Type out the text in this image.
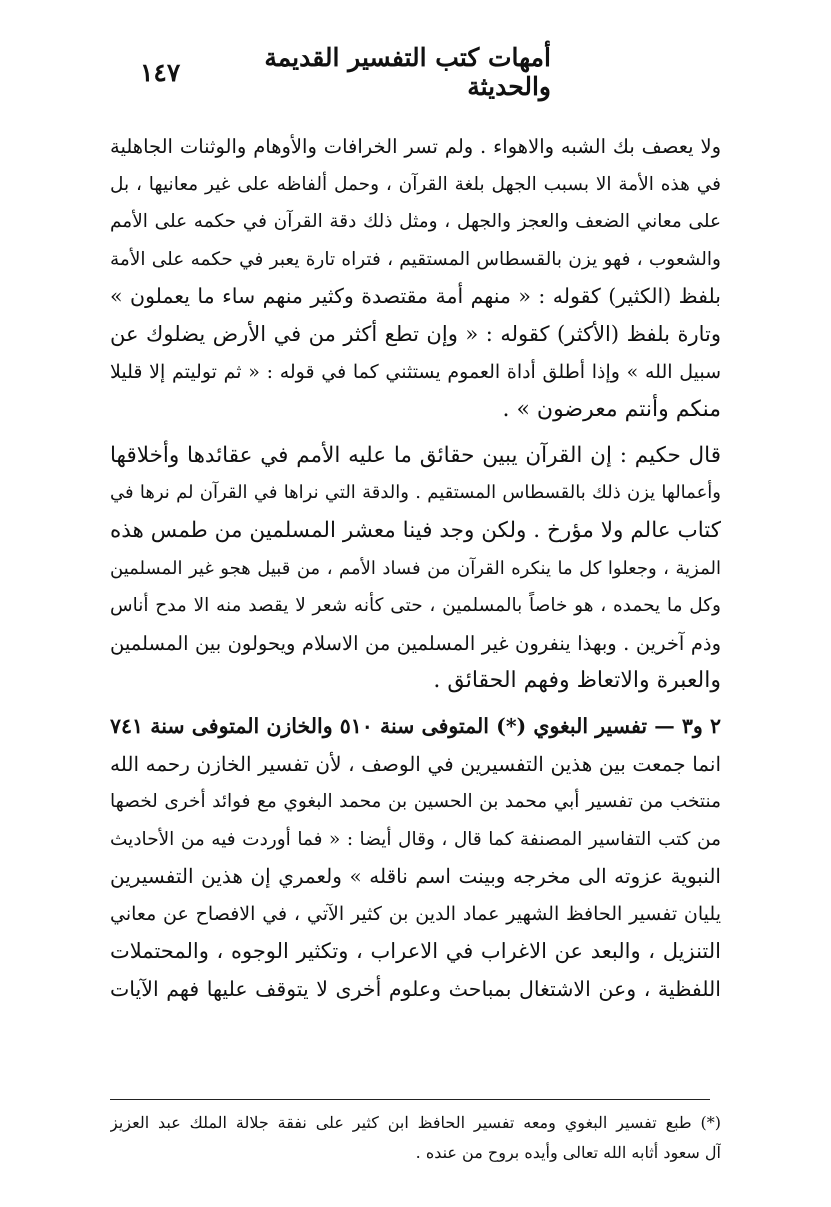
أمهات كتب التفسير القديمة والحديثة
١٤٧
ولا يعصف بك الشبه والاهواء . ولم تسر الخرافات والأوهام والوثنات الجاهلية
في هذه الأمة الا بسبب الجهل بلغة القرآن ، وحمل ألفاظه على غير معانيها ، بل
على معاني الضعف والعجز والجهل ، ومثل ذلك دقة القرآن في حكمه على الأمم
والشعوب ، فهو يزن بالقسطاس المستقيم ، فتراه تارة يعبر في حكمه على الأمة
بلفظ (الكثير) كقوله : « منهم أمة مقتصدة وكثير منهم ساء ما يعملون »
وتارة بلفظ (الأكثر) كقوله : « وإن تطع أكثر من في الأرض يضلوك عن
سبيل الله » وإذا أطلق أداة العموم يستثني كما في قوله : « ثم توليتم إلا قليلا
منكم وأنتم معرضون » .
قال حكيم : إن القرآن يبين حقائق ما عليه الأمم في عقائدها وأخلاقها
وأعمالها يزن ذلك بالقسطاس المستقيم . والدقة التي نراها في القرآن لم نرها في
كتاب عالم ولا مؤرخ . ولكن وجد فينا معشر المسلمين من طمس هذه
المزية ، وجعلوا كل ما ينكره القرآن من فساد الأمم ، من قبيل هجو غير المسلمين
وكل ما يحمده ، هو خاصاً بالمسلمين ، حتى كأنه شعر لا يقصد منه الا مدح أناس
وذم آخرين . وبهذا ينفرون غير المسلمين من الاسلام ويحولون بين المسلمين
والعبرة والاتعاظ وفهم الحقائق .
٢ و٣ — تفسير البغوي (*) المتوفى سنة ٥١٠ والخازن المتوفى سنة ٧٤١
انما جمعت بين هذين التفسيرين في الوصف ، لأن تفسير الخازن رحمه الله
منتخب من تفسير أبي محمد بن الحسين بن محمد البغوي مع فوائد أخرى لخصها
من كتب التفاسير المصنفة كما قال ، وقال أيضا : « فما أوردت فيه من الأحاديث
النبوية عزوته الى مخرجه وبينت اسم ناقله » ولعمري إن هذين التفسيرين
يليان تفسير الحافظ الشهير عماد الدين بن كثير الآتي ، في الافصاح عن معاني
التنزيل ، والبعد عن الاغراب في الاعراب ، وتكثير الوجوه ، والمحتملات
اللفظية ، وعن الاشتغال بمباحث وعلوم أخرى لا يتوقف عليها فهم الآيات
(*) طبع تفسير البغوي ومعه تفسير الحافظ ابن كثير على نفقة جلالة الملك عبد العزيز
آل سعود أثابه الله تعالى وأيده بروح من عنده .
